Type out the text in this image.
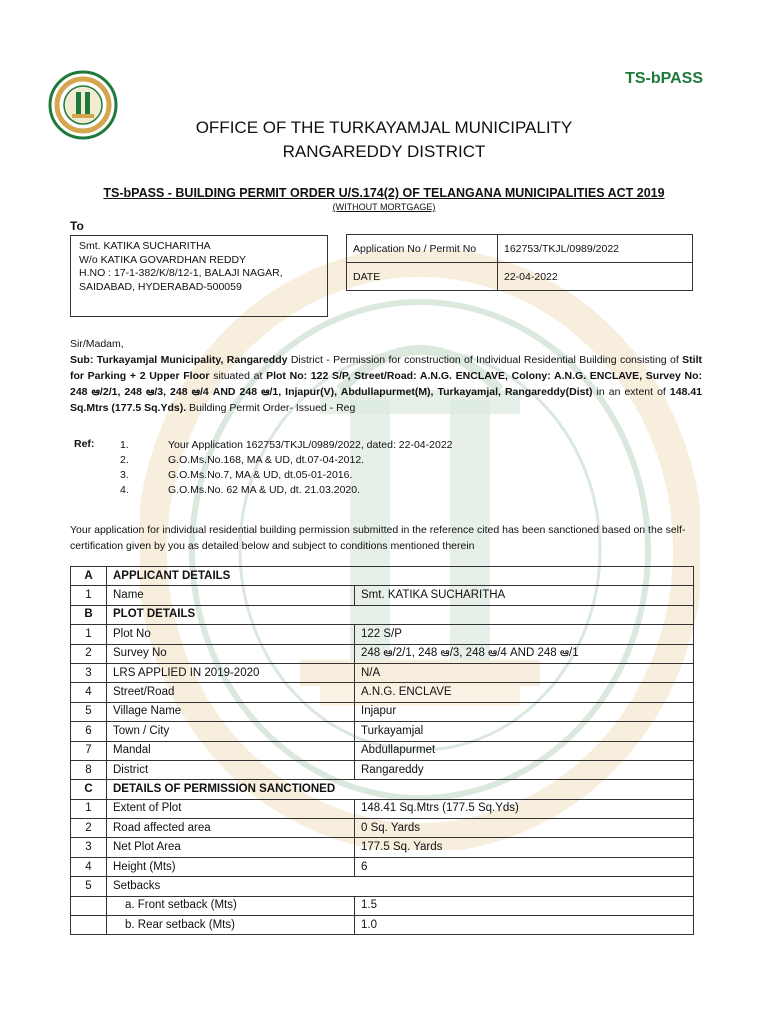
TS-bPASS
OFFICE OF THE TURKAYAMJAL MUNICIPALITY
RANGAREDDY DISTRICT
TS-bPASS - BUILDING PERMIT ORDER U/S.174(2) OF TELANGANA MUNICIPALITIES ACT 2019
(WITHOUT MORTGAGE)
To
Smt. KATIKA SUCHARITHA
W/o KATIKA GOVARDHAN REDDY
H.NO : 17-1-382/K/8/12-1, BALAJI NAGAR,
SAIDABAD, HYDERABAD-500059
Application No / Permit No	162753/TKJL/0989/2022
DATE	22-04-2022
Sir/Madam,
Sub: Turkayamjal Municipality, Rangareddy District - Permission for construction of Individual Residential Building consisting of Stilt for Parking + 2 Upper Floor situated at Plot No: 122 S/P, Street/Road: A.N.G. ENCLAVE, Colony: A.N.G. ENCLAVE, Survey No: 248 ఆ/2/1, 248 ఆ/3, 248 ఆ/4 AND 248 ఆ/1, Injapur(V), Abdullapurmet(M), Turkayamjal, Rangareddy(Dist) in an extent of 148.41 Sq.Mtrs (177.5 Sq.Yds). Building Permit Order- Issued - Reg
Ref: 1.	Your Application 162753/TKJL/0989/2022, dated: 22-04-2022
2.	G.O.Ms.No.168, MA & UD, dt.07-04-2012.
3.	G.O.Ms.No.7, MA & UD, dt.05-01-2016.
4.	G.O.Ms.No. 62 MA & UD, dt. 21.03.2020.
Your application for individual residential building permission submitted in the reference cited has been sanctioned based on the self-certification given by you as detailed below and subject to conditions mentioned therein
A	APPLICANT DETAILS	
1	Name	Smt. KATIKA SUCHARITHA
B	PLOT DETAILS	
1	Plot No	122 S/P
2	Survey No	248 ఆ/2/1, 248 ఆ/3, 248 ఆ/4 AND 248 ఆ/1
3	LRS APPLIED IN 2019-2020	N/A
4	Street/Road	A.N.G. ENCLAVE
5	Village Name	Injapur
6	Town / City	Turkayamjal
7	Mandal	Abdullapurmet
8	District	Rangareddy
C	DETAILS OF PERMISSION SANCTIONED	
1	Extent of Plot	148.41 Sq.Mtrs (177.5 Sq.Yds)
2	Road affected area	0 Sq. Yards
3	Net Plot Area	177.5 Sq. Yards
4	Height (Mts)	6
5	Setbacks	
	a. Front setback (Mts)	1.5
	b. Rear setback (Mts)	1.0
